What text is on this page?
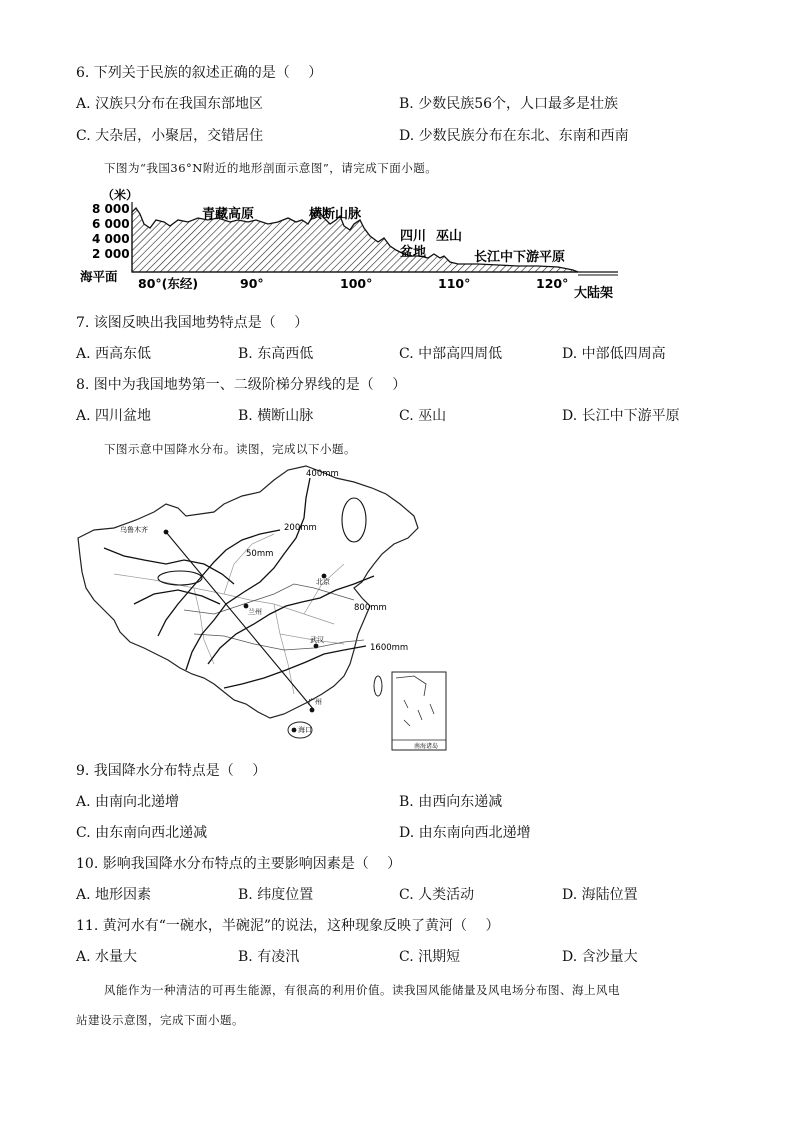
6. 下列关于民族的叙述正确的是（　 ）
A. 汉族只分布在我国东部地区	B. 少数民族56个，人口最多是壮族
C. 大杂居，小聚居，交错居住	D. 少数民族分布在东北、东南和西南
下图为“我国36°N附近的地形剖面示意图”，请完成下面小题。
（米）
8 000
6 000
4 000
2 000
海平面
青藏高原	横断山脉
四川
盆地
巫山
长江中下游平原
80°(东经)	90°	100°	110°	120°
大陆架
7. 该图反映出我国地势特点是（　 ）
A. 西高东低	B. 东高西低	C. 中部高四周低	D. 中部低四周高
8. 图中为我国地势第一、二级阶梯分界线的是（　 ）
A. 四川盆地	B. 横断山脉	C. 巫山	D. 长江中下游平原
下图示意中国降水分布。读图，完成以下小题。
400mm
200mm
50mm
800mm
1600mm
乌鲁木齐
北京
兰州
武汉
广州
海口
南海诸岛
9. 我国降水分布特点是（　 ）
A. 由南向北递增	B. 由西向东递减
C. 由东南向西北递减	D. 由东南向西北递增
10. 影响我国降水分布特点的主要影响因素是（　 ）
A. 地形因素	B. 纬度位置	C. 人类活动	D. 海陆位置
11. 黄河水有“一碗水，半碗泥”的说法，这种现象反映了黄河（　 ）
A. 水量大	B. 有凌汛	C. 汛期短	D. 含沙量大
风能作为一种清洁的可再生能源，有很高的利用价值。读我国风能储量及风电场分布图、海上风电
站建设示意图，完成下面小题。
